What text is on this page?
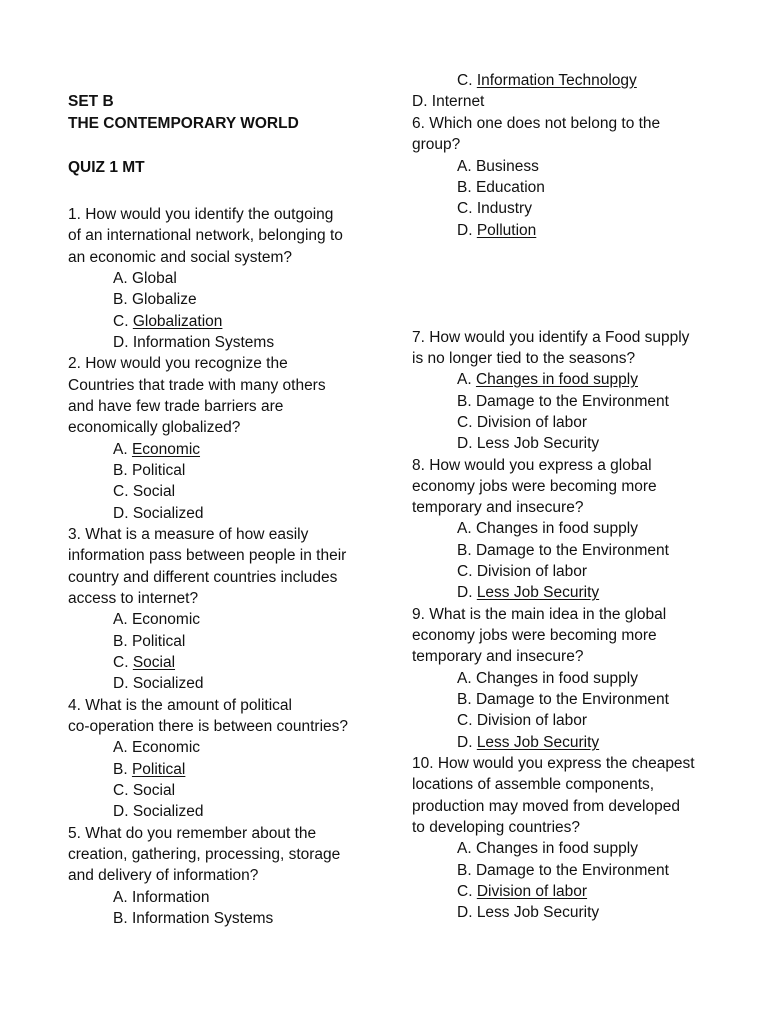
SET B
THE CONTEMPORARY WORLD
QUIZ 1 MT
1. How would you identify the outgoing
of an international network, belonging to
an economic and social system?
A. Global
B. Globalize
C. Globalization
D. Information Systems
2. How would you recognize the
Countries that trade with many others
and have few trade barriers are
economically globalized?
A. Economic
B. Political
C. Social
D. Socialized
3. What is a measure of how easily
information pass between people in their
country and different countries includes
access to internet?
A. Economic
B. Political
C. Social
D. Socialized
4. What is the amount of political
co-operation there is between countries?
A. Economic
B. Political
C. Social
D. Socialized
5. What do you remember about the
creation, gathering, processing, storage
and delivery of information?
A. Information
B. Information Systems
C. Information Technology
D. Internet
6. Which one does not belong to the
group?
A. Business
B. Education
C. Industry
D. Pollution
7. How would you identify a Food supply
is no longer tied to the seasons?
A. Changes in food supply
B. Damage to the Environment
C. Division of labor
D. Less Job Security
8. How would you express a global
economy jobs were becoming more
temporary and insecure?
A. Changes in food supply
B. Damage to the Environment
C. Division of labor
D. Less Job Security
9. What is the main idea in the global
economy jobs were becoming more
temporary and insecure?
A. Changes in food supply
B. Damage to the Environment
C. Division of labor
D. Less Job Security
10. How would you express the cheapest
locations of assemble components,
production may moved from developed
to developing countries?
A. Changes in food supply
B. Damage to the Environment
C. Division of labor
D. Less Job Security
